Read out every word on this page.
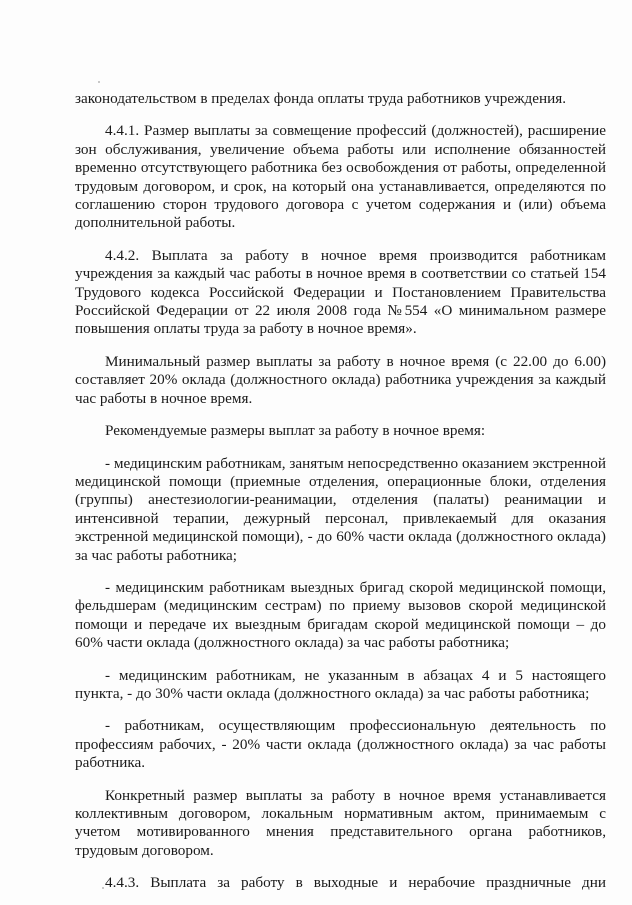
законодательством в пределах фонда оплаты труда работников учреждения.

4.4.1. Размер выплаты за совмещение профессий (должностей), расширение зон обслуживания, увеличение объема работы или исполнение обязанностей временно отсутствующего работника без освобождения от работы, определенной трудовым договором, и срок, на который она устанавливается, определяются по соглашению сторон трудового договора с учетом содержания и (или) объема дополнительной работы.

4.4.2. Выплата за работу в ночное время производится работникам учреждения за каждый час работы в ночное время в соответствии со статьей 154 Трудового кодекса Российской Федерации и Постановлением Правительства Российской Федерации от 22 июля 2008 года №554 «О минимальном размере повышения оплаты труда за работу в ночное время».

Минимальный размер выплаты за работу в ночное время (с 22.00 до 6.00) составляет 20% оклада (должностного оклада) работника учреждения за каждый час работы в ночное время.

Рекомендуемые размеры выплат за работу в ночное время:

- медицинским работникам, занятым непосредственно оказанием экстренной медицинской помощи (приемные отделения, операционные блоки, отделения (группы) анестезиологии-реанимации, отделения (палаты) реанимации и интенсивной терапии, дежурный персонал, привлекаемый для оказания экстренной медицинской помощи), - до 60% части оклада (должностного оклада) за час работы работника;

- медицинским работникам выездных бригад скорой медицинской помощи, фельдшерам (медицинским сестрам) по приему вызовов скорой медицинской помощи и передаче их выездным бригадам скорой медицинской помощи – до 60% части оклада (должностного оклада) за час работы работника;

- медицинским работникам, не указанным в абзацах 4 и 5 настоящего пункта, - до 30% части оклада (должностного оклада) за час работы работника;

- работникам, осуществляющим профессиональную деятельность по профессиям рабочих, - 20% части оклада (должностного оклада) за час работы работника.

Конкретный размер выплаты за работу в ночное время устанавливается коллективным договором, локальным нормативным актом, принимаемым с учетом мотивированного мнения представительного органа работников, трудовым договором.

4.4.3. Выплата за работу в выходные и нерабочие праздничные дни
